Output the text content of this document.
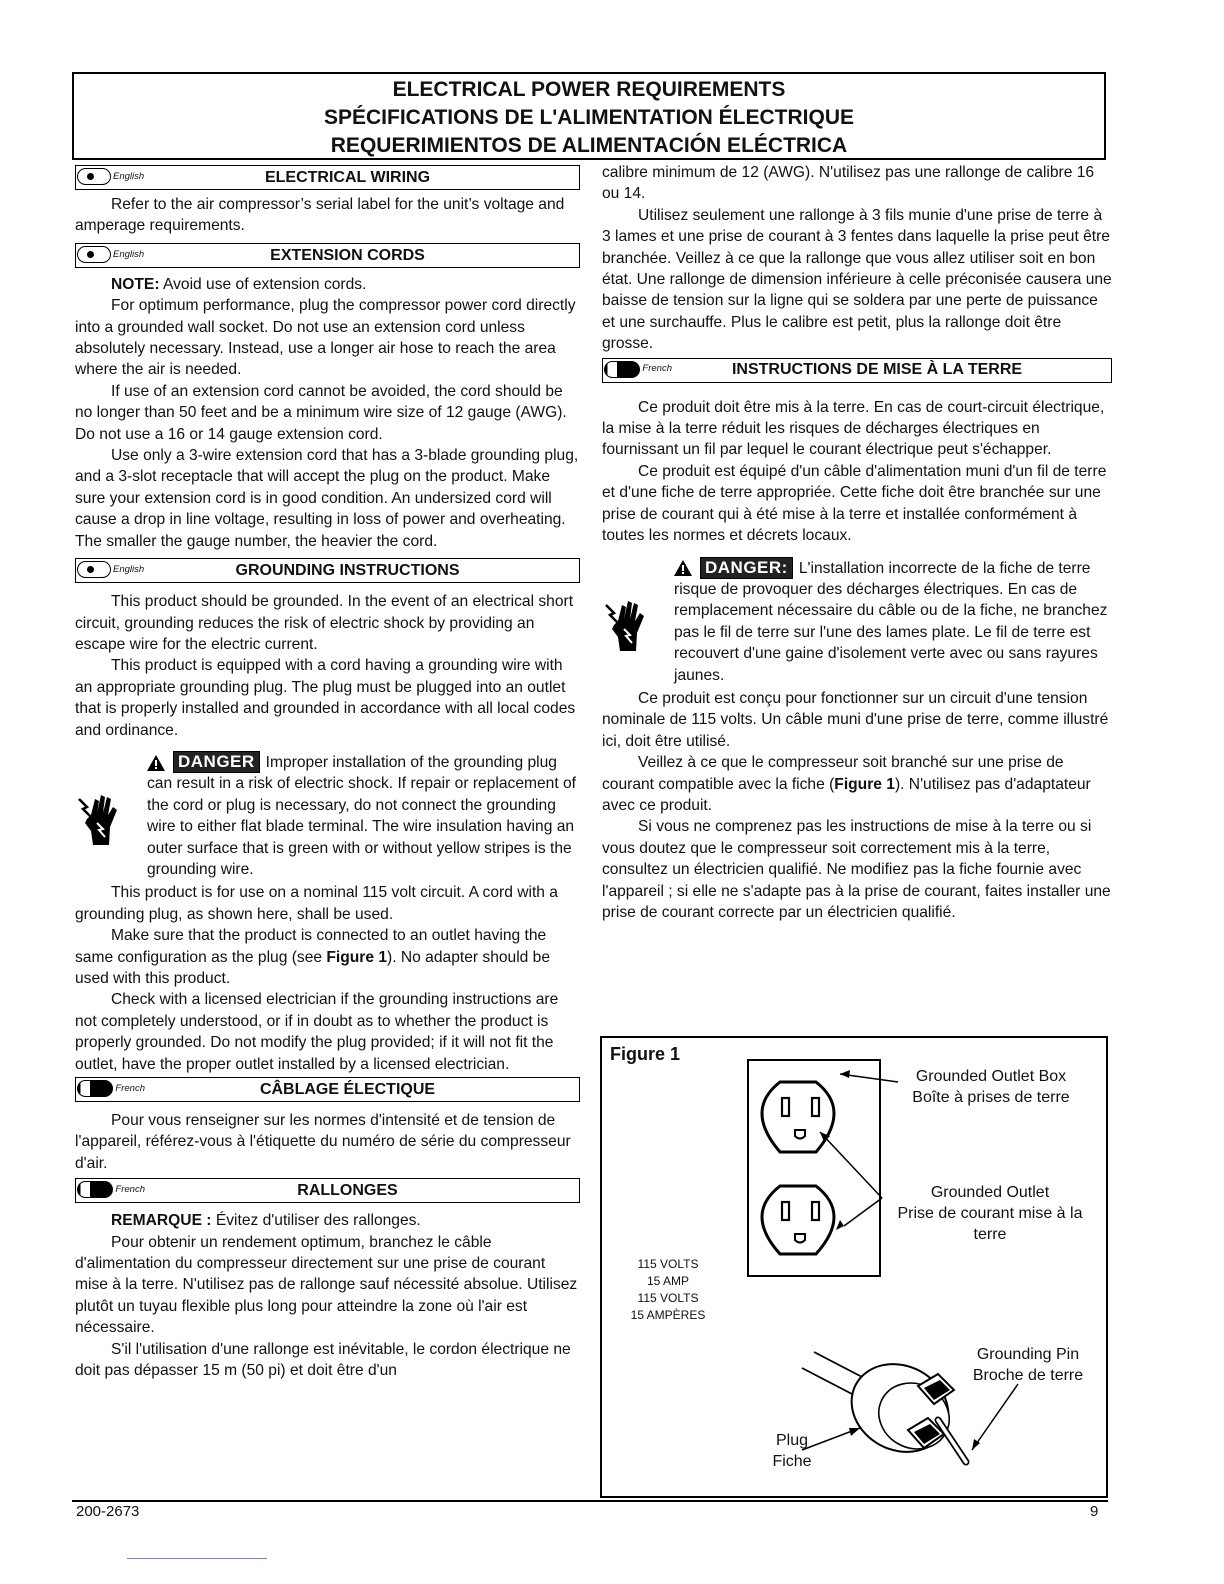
ELECTRICAL POWER REQUIREMENTS
SPÉCIFICATIONS DE L'ALIMENTATION ÉLECTRIQUE
REQUERIMIENTOS DE ALIMENTACIÓN ELÉCTRICA
English	ELECTRICAL WIRING

Refer to the air compressor’s serial label for the unit’s voltage and amperage requirements.

English	EXTENSION CORDS

NOTE: Avoid use of extension cords.

For optimum performance, plug the compressor power cord directly into a grounded wall socket. Do not use an extension cord unless absolutely necessary. Instead, use a longer air hose to reach the area where the air is needed.

If use of an extension cord cannot be avoided, the cord should be no longer than 50 feet and be a minimum wire size of 12 gauge (AWG). Do not use a 16 or 14 gauge extension cord.

Use only a 3-wire extension cord that has a 3-blade grounding plug, and a 3-slot receptacle that will accept the plug on the product. Make sure your extension cord is in good condition. An undersized cord will cause a drop in line voltage, resulting in loss of power and overheating. The smaller the gauge number, the heavier the cord.

English	GROUNDING INSTRUCTIONS

This product should be grounded. In the event of an electrical short circuit, grounding reduces the risk of electric shock by providing an escape wire for the electric current.

This product is equipped with a cord having a grounding wire with an appropriate grounding plug. The plug must be plugged into an outlet that is properly installed and grounded in accordance with all local codes and ordinance.

DANGER Improper installation of the grounding plug can result in a risk of electric shock. If repair or replacement of the cord or plug is necessary, do not connect the grounding wire to either flat blade terminal. The wire insulation having an outer surface that is green with or without yellow stripes is the grounding wire.

This product is for use on a nominal 115 volt circuit. A cord with a grounding plug, as shown here, shall be used.

Make sure that the product is connected to an outlet having the same configuration as the plug (see Figure 1). No adapter should be used with this product.

Check with a licensed electrician if the grounding instructions are not completely understood, or if in doubt as to whether the product is properly grounded. Do not modify the plug provided; if it will not fit the outlet, have the proper outlet installed by a licensed electrician.

French	CÂBLAGE ÉLECTIQUE

Pour vous renseigner sur les normes d'intensité et de tension de l'appareil, référez-vous à l'étiquette du numéro de série du compresseur d'air.

French	RALLONGES

REMARQUE : Évitez d'utiliser des rallonges.

Pour obtenir un rendement optimum, branchez le câble d'alimentation du compresseur directement sur une prise de courant mise à la terre. N'utilisez pas de rallonge sauf nécessité absolue. Utilisez plutôt un tuyau flexible plus long pour atteindre la zone où l'air est nécessaire.

S'il l'utilisation d'une rallonge est inévitable, le cordon électrique ne doit pas dépasser 15 m (50 pi) et doit être d'un

calibre minimum de 12 (AWG). N'utilisez pas une rallonge de calibre 16 ou 14.

Utilisez seulement une rallonge à 3 fils munie d'une prise de terre à 3 lames et une prise de courant à 3 fentes dans laquelle la prise peut être branchée. Veillez à ce que la rallonge que vous allez utiliser soit en bon état. Une rallonge de dimension inférieure à celle préconisée causera une baisse de tension sur la ligne qui se soldera par une perte de puissance et une surchauffe. Plus le calibre est petit, plus la rallonge doit être grosse.

French	INSTRUCTIONS DE MISE À LA TERRE

Ce produit doit être mis à la terre. En cas de court-circuit électrique, la mise à la terre réduit les risques de décharges électriques en fournissant un fil par lequel le courant électrique peut s'échapper.

Ce produit est équipé d'un câble d'alimentation muni d'un fil de terre et d'une fiche de terre appropriée. Cette fiche doit être branchée sur une prise de courant qui à été mise à la terre et installée conformément à toutes les normes et décrets locaux.

DANGER: L'installation incorrecte de la fiche de terre risque de provoquer des décharges électriques. En cas de remplacement nécessaire du câble ou de la fiche, ne branchez pas le fil de terre sur l'une des lames plate. Le fil de terre est recouvert d'une gaine d'isolement verte avec ou sans rayures jaunes.

Ce produit est conçu pour fonctionner sur un circuit d'une tension nominale de 115 volts. Un câble muni d'une prise de terre, comme illustré ici, doit être utilisé.

Veillez à ce que le compresseur soit branché sur une prise de courant compatible avec la fiche (Figure 1). N'utilisez pas d'adaptateur avec ce produit.

Si vous ne comprenez pas les instructions de mise à la terre ou si vous doutez que le compresseur soit correctement mis à la terre, consultez un électricien qualifié. Ne modifiez pas la fiche fournie avec l'appareil ; si elle ne s'adapte pas à la prise de courant, faites installer une prise de courant correcte par un électricien qualifié.

Figure 1
Grounded Outlet Box
Boîte à prises de terre
Grounded Outlet
Prise de courant mise à la
terre
115 VOLTS
15 AMP
115 VOLTS
15 AMPÈRES
Grounding Pin
Broche de terre
Plug
Fiche
200-2673	9
